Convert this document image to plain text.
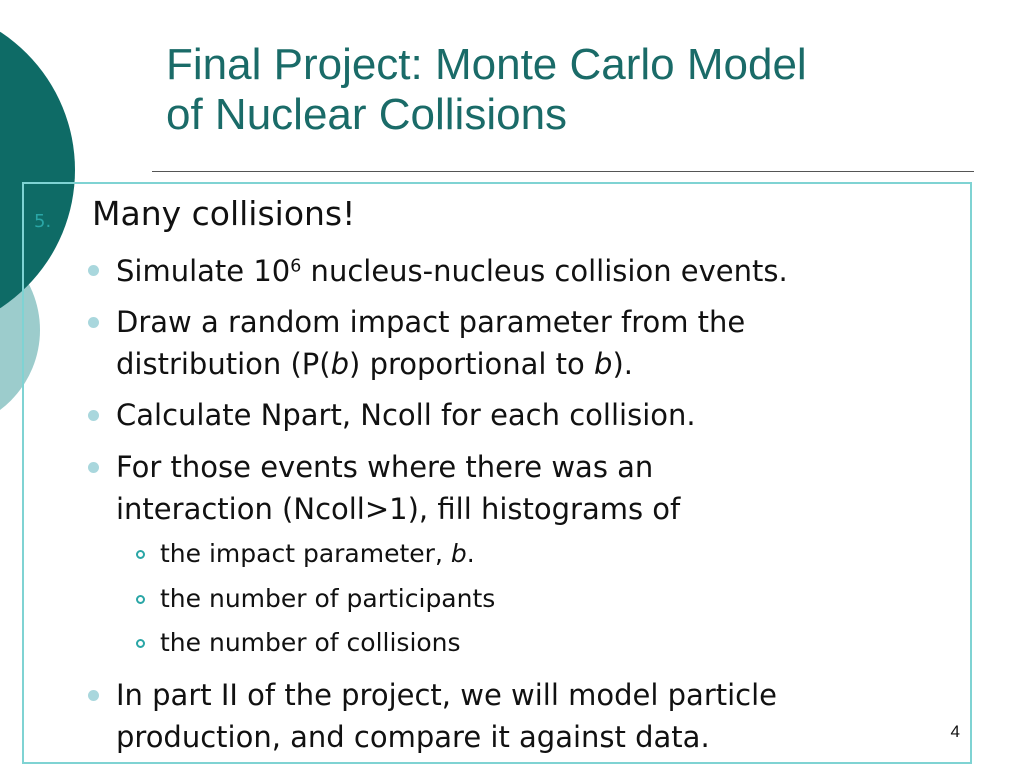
Final Project: Monte Carlo Model
of Nuclear Collisions
5. Many collisions!
Simulate $10^6$ nucleus-nucleus collision events.
Draw a random impact parameter from the
distribution (P(b) proportional to b).
Calculate Npart, Ncoll for each collision.
For those events where there was an
interaction (Ncoll>1), fill histograms of
the impact parameter, b.
the number of participants
the number of collisions
In part II of the project, we will model particle
production, and compare it against data.	4
